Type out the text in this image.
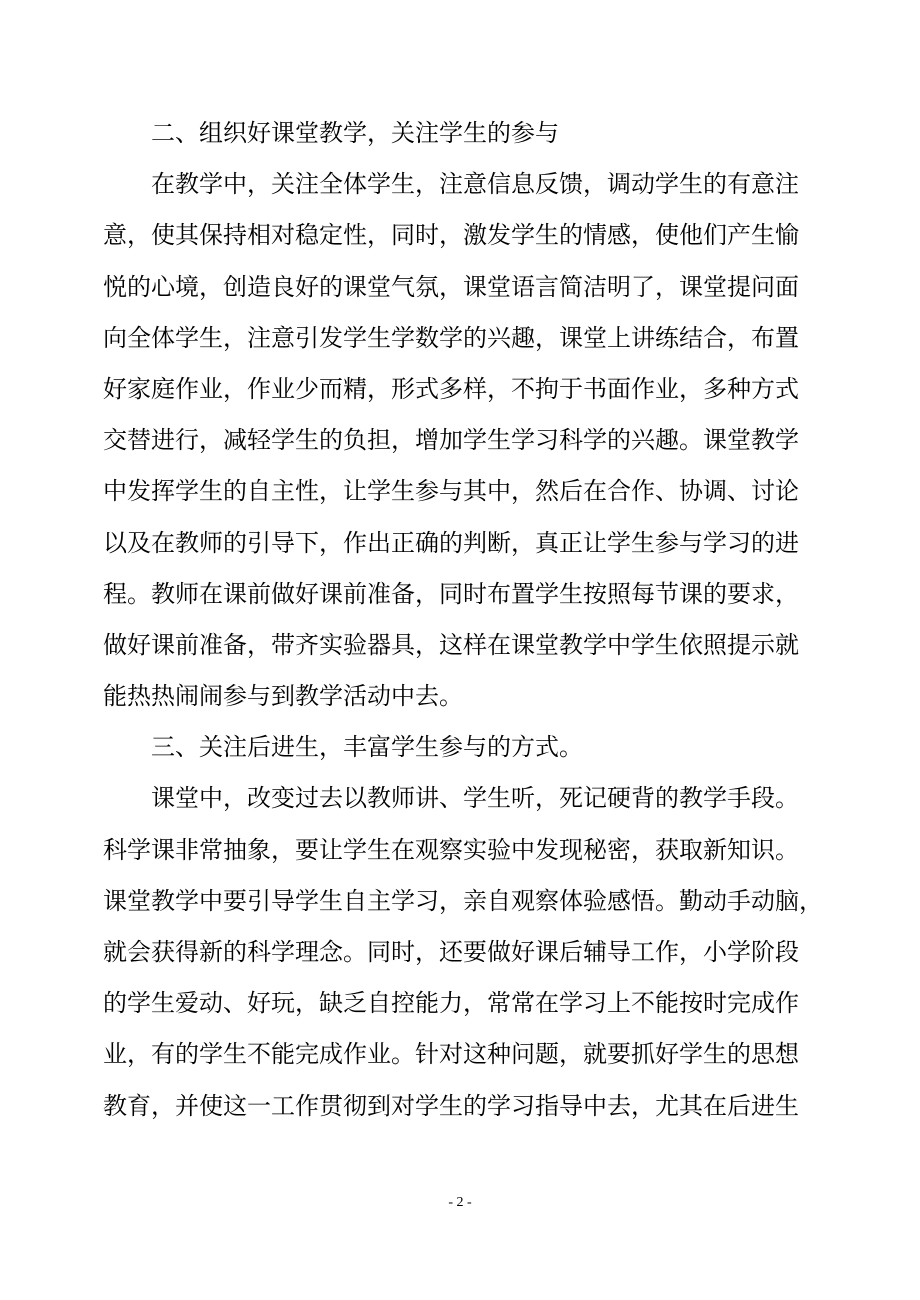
二、组织好课堂教学，关注学生的参与
在教学中，关注全体学生，注意信息反馈，调动学生的有意注
意，使其保持相对稳定性，同时，激发学生的情感，使他们产生愉
悦的心境，创造良好的课堂气氛，课堂语言简洁明了，课堂提问面
向全体学生，注意引发学生学数学的兴趣，课堂上讲练结合，布置
好家庭作业，作业少而精，形式多样，不拘于书面作业，多种方式
交替进行，减轻学生的负担，增加学生学习科学的兴趣。课堂教学
中发挥学生的自主性，让学生参与其中，然后在合作、协调、讨论
以及在教师的引导下，作出正确的判断，真正让学生参与学习的进
程。教师在课前做好课前准备，同时布置学生按照每节课的要求，
做好课前准备，带齐实验器具，这样在课堂教学中学生依照提示就
能热热闹闹参与到教学活动中去。
三、关注后进生，丰富学生参与的方式。
课堂中，改变过去以教师讲、学生听，死记硬背的教学手段。
科学课非常抽象，要让学生在观察实验中发现秘密，获取新知识。
课堂教学中要引导学生自主学习，亲自观察体验感悟。勤动手动脑，
就会获得新的科学理念。同时，还要做好课后辅导工作，小学阶段
的学生爱动、好玩，缺乏自控能力，常常在学习上不能按时完成作
业，有的学生不能完成作业。针对这种问题，就要抓好学生的思想
教育，并使这一工作贯彻到对学生的学习指导中去，尤其在后进生
- 2 -
